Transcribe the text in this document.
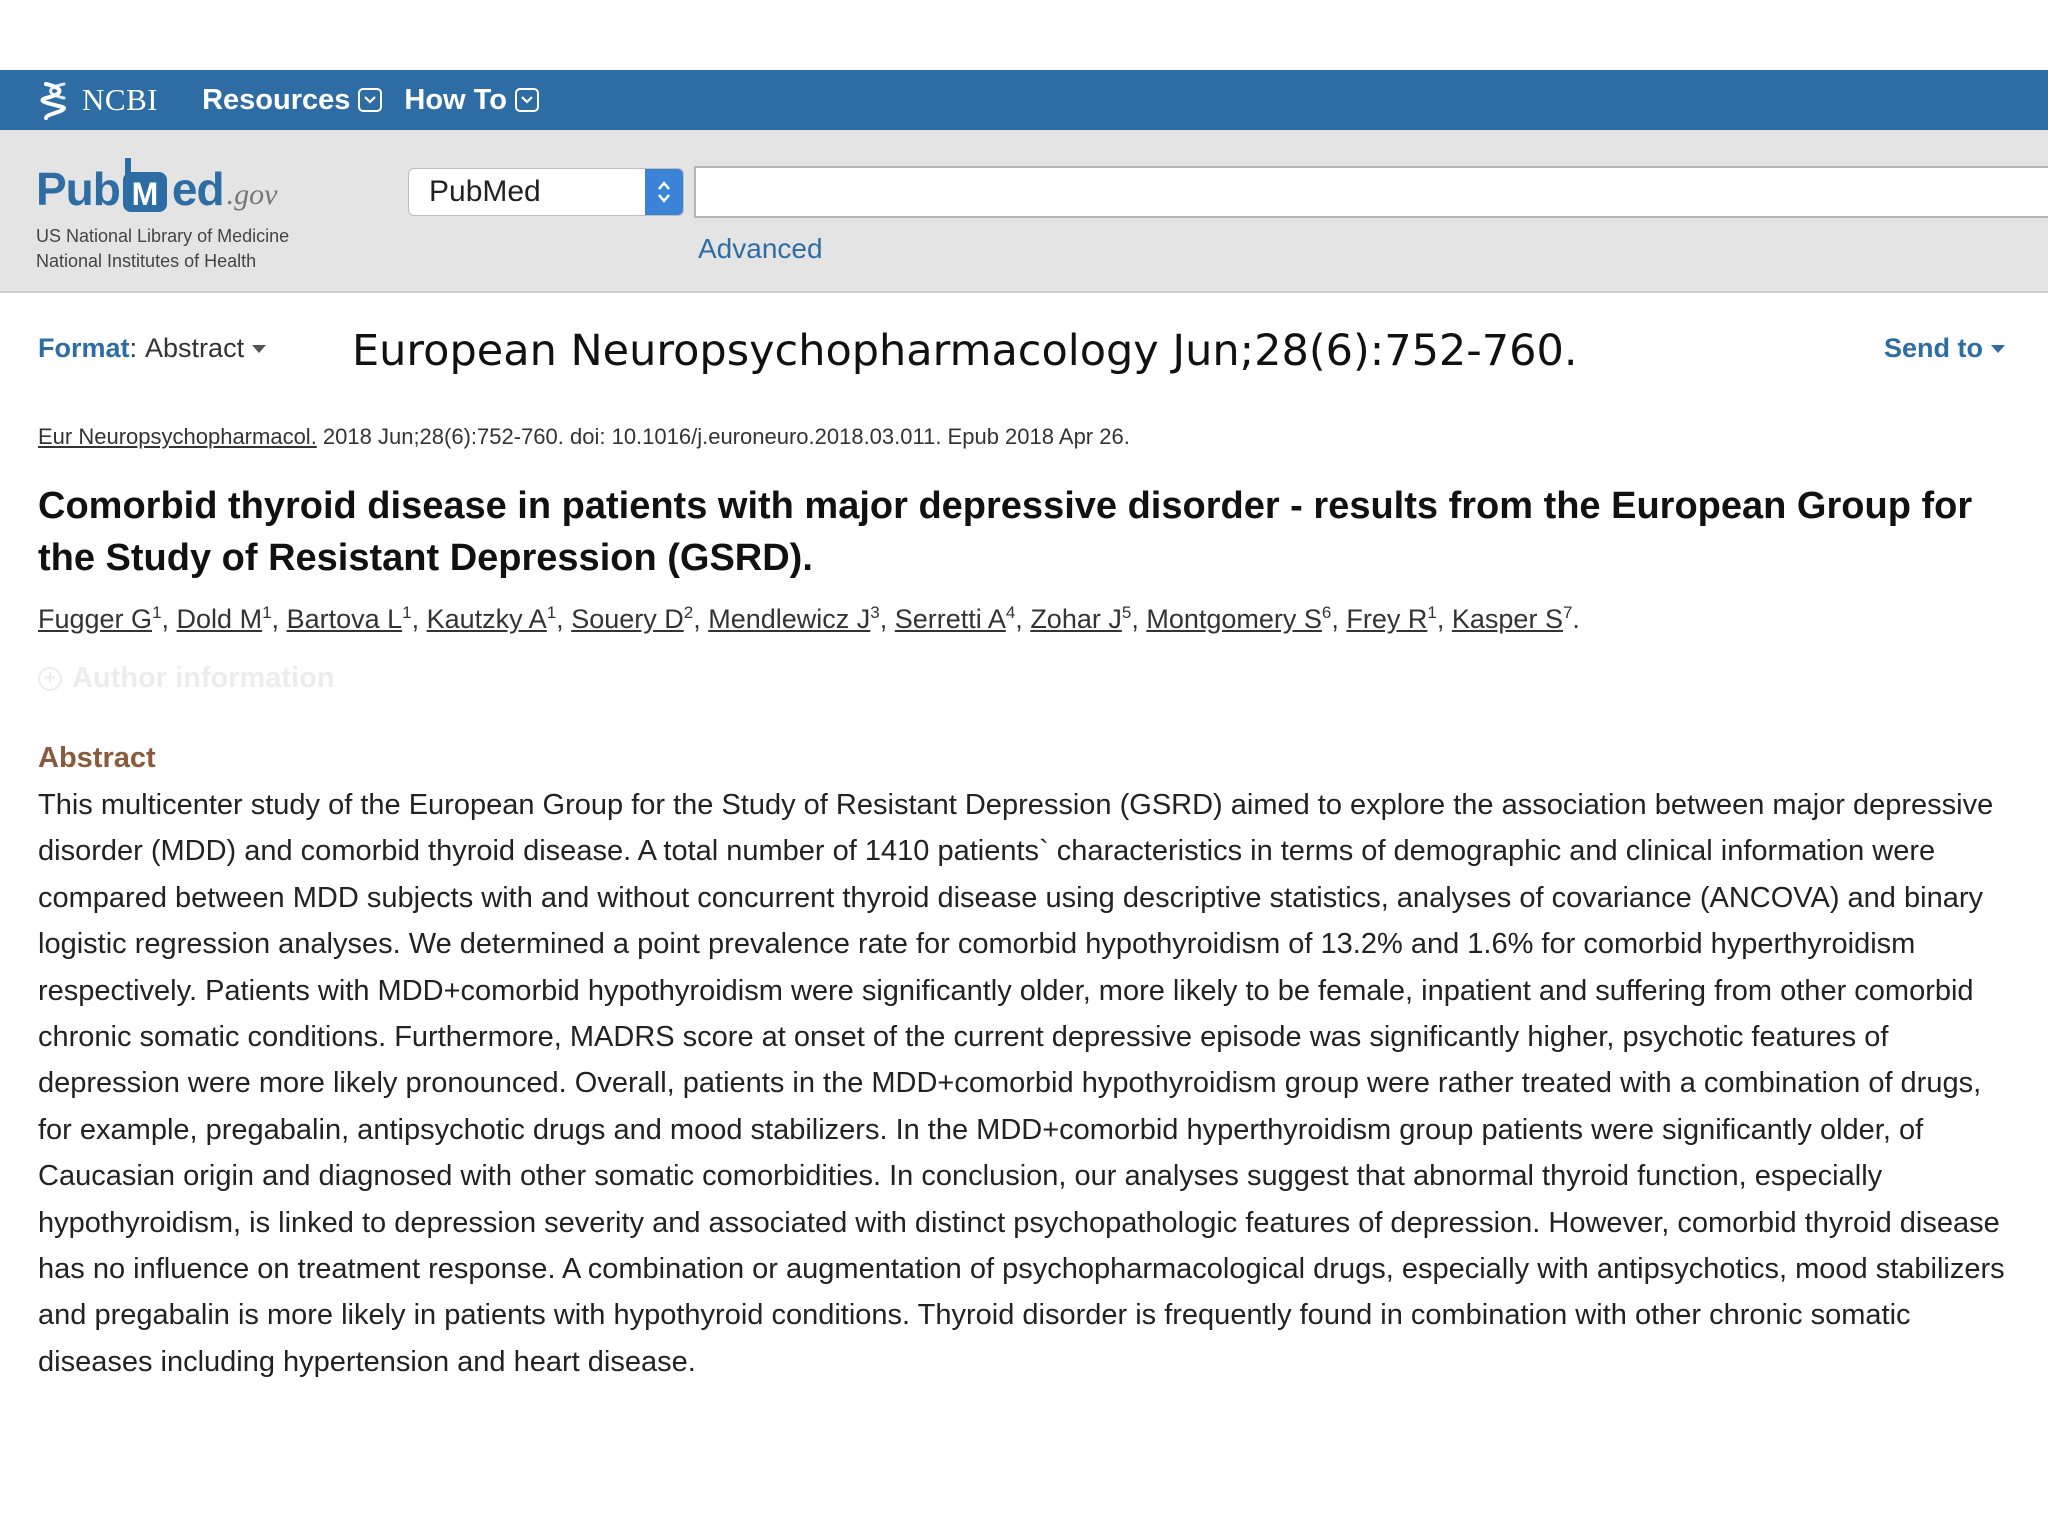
NCBI Resources How To
Pub M ed .gov
US National Library of Medicine
National Institutes of Health
PubMed
Advanced
Format : Abstract	European Neuropsychopharmacology Jun;28(6):752-760.	Send to
Eur Neuropsychopharmacol. 2018 Jun;28(6):752-760. doi: 10.1016/j.euroneuro.2018.03.011. Epub 2018 Apr 26.
Comorbid thyroid disease in patients with major depressive disorder - results from the European Group for the Study of Resistant Depression (GSRD).
Fugger $G^1$, Dold $M^1$, Bartova $L^1$, Kautzky $A^1$, Souery $D^2$, Mendlewicz $J^3$, Serretti $A^4$, Zohar $J^5$, Montgomery $S^6$, Frey $R^1$, Kasper $S^7$.
+ Author information
Abstract

This multicenter study of the European Group for the Study of Resistant Depression (GSRD) aimed to explore the association between major depressive disorder (MDD) and comorbid thyroid disease. A total number of 1410 patients` characteristics in terms of demographic and clinical information were compared between MDD subjects with and without concurrent thyroid disease using descriptive statistics, analyses of covariance (ANCOVA) and binary logistic regression analyses. We determined a point prevalence rate for comorbid hypothyroidism of 13.2% and 1.6% for comorbid hyperthyroidism respectively. Patients with MDD+comorbid hypothyroidism were significantly older, more likely to be female, inpatient and suffering from other comorbid chronic somatic conditions. Furthermore, MADRS score at onset of the current depressive episode was significantly higher, psychotic features of depression were more likely pronounced. Overall, patients in the MDD+comorbid hypothyroidism group were rather treated with a combination of drugs, for example, pregabalin, antipsychotic drugs and mood stabilizers. In the MDD+comorbid hyperthyroidism group patients were significantly older, of Caucasian origin and diagnosed with other somatic comorbidities. In conclusion, our analyses suggest that abnormal thyroid function, especially hypothyroidism, is linked to depression severity and associated with distinct psychopathologic features of depression. However, comorbid thyroid disease has no influence on treatment response. A combination or augmentation of psychopharmacological drugs, especially with antipsychotics, mood stabilizers and pregabalin is more likely in patients with hypothyroid conditions. Thyroid disorder is frequently found in combination with other chronic somatic diseases including hypertension and heart disease.
